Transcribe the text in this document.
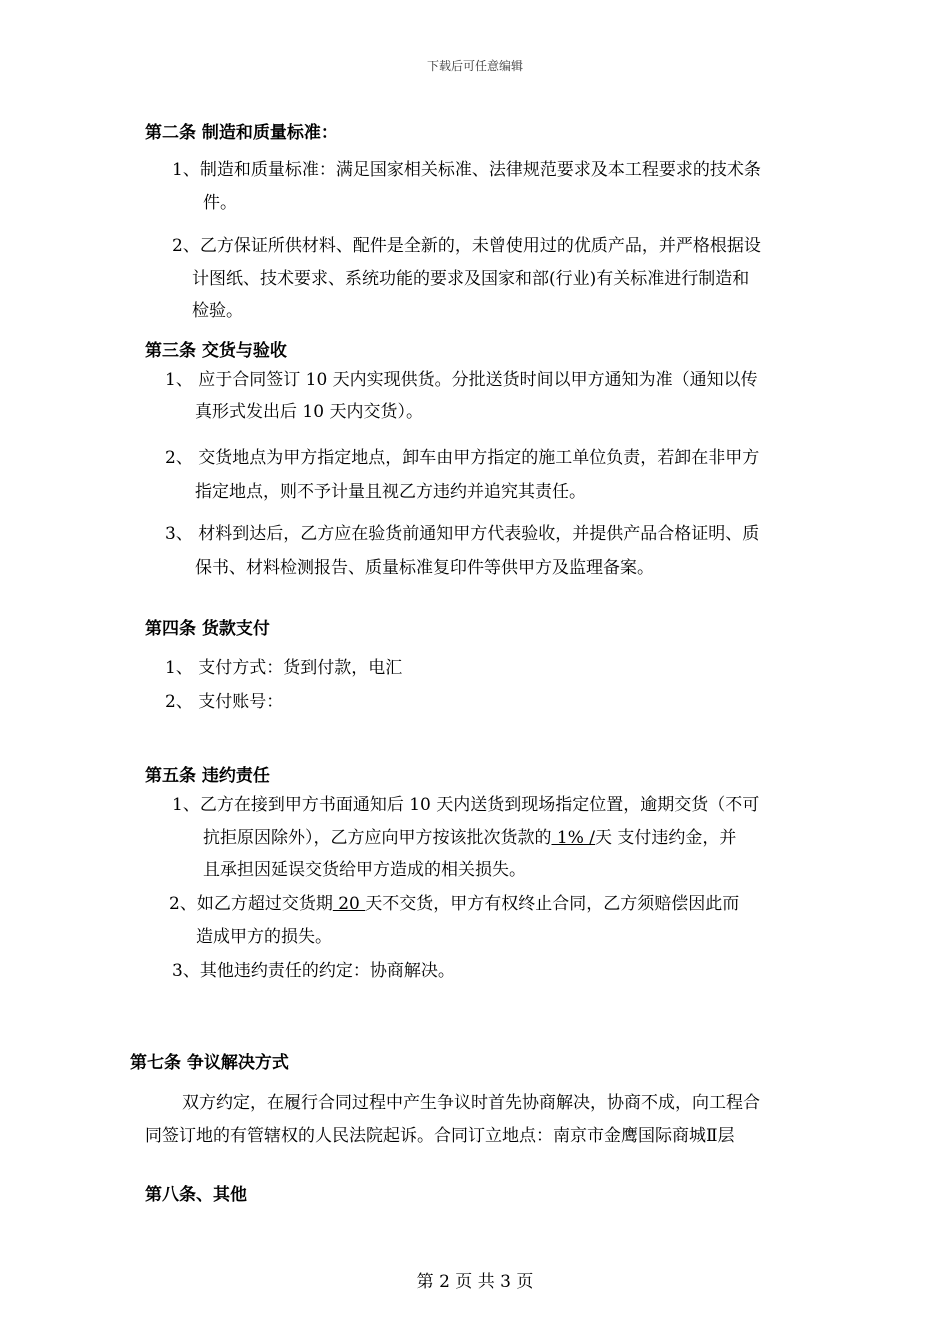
下载后可任意编辑
第二条 制造和质量标准：
1、制造和质量标准：满足国家相关标准、法律规范要求及本工程要求的技术条
件。
2、乙方保证所供材料、配件是全新的，未曾使用过的优质产品，并严格根据设
计图纸、技术要求、系统功能的要求及国家和部(行业)有关标准进行制造和
检验。
第三条 交货与验收
1、 应于合同签订 10 天内实现供货。分批送货时间以甲方通知为准（通知以传
真形式发出后 10 天内交货）。
2、 交货地点为甲方指定地点，卸车由甲方指定的施工单位负责，若卸在非甲方
指定地点，则不予计量且视乙方违约并追究其责任。
3、 材料到达后，乙方应在验货前通知甲方代表验收，并提供产品合格证明、质
保书、材料检测报告、质量标准复印件等供甲方及监理备案。
第四条 货款支付
1、 支付方式：货到付款，电汇
2、 支付账号：
第五条 违约责任
1、乙方在接到甲方书面通知后 10 天内送货到现场指定位置，逾期交货（不可
抗拒原因除外），乙方应向甲方按该批次货款的 1% /天 支付违约金，并
且承担因延误交货给甲方造成的相关损失。
2、如乙方超过交货期 20 天不交货，甲方有权终止合同，乙方须赔偿因此而
造成甲方的损失。
3、其他违约责任的约定：协商解决。
第七条 争议解决方式
双方约定，在履行合同过程中产生争议时首先协商解决，协商不成，向工程合
同签订地的有管辖权的人民法院起诉。合同订立地点：南京市金鹰国际商城Ⅱ层
第八条、其他
第 2 页 共 3 页
